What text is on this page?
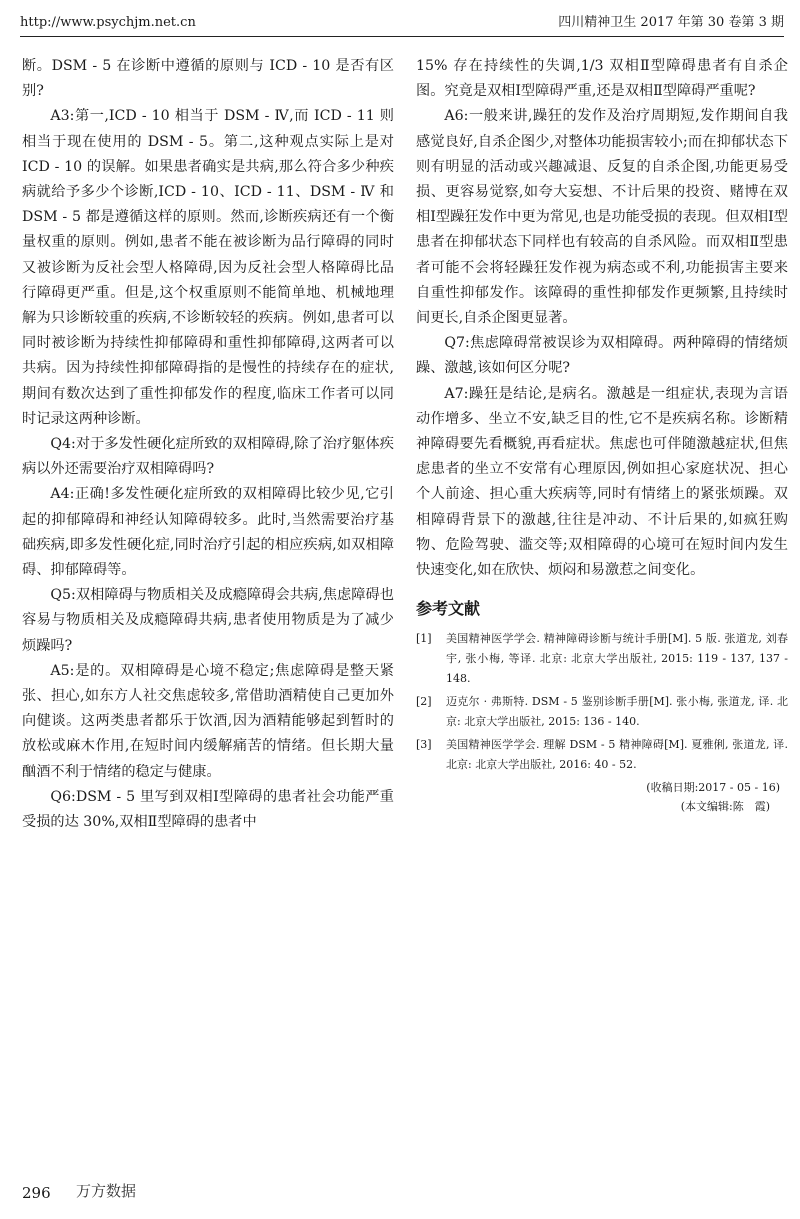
http://www.psychjm.net.cn	四川精神卫生 2017 年第 30 卷第 3 期

断。DSM - 5 在诊断中遵循的原则与 ICD - 10 是否有区别?

A3:第一,ICD - 10 相当于 DSM - Ⅳ,而 ICD - 11 则相当于现在使用的 DSM - 5。第二,这种观点实际上是对 ICD - 10 的误解。如果患者确实是共病,那么符合多少种疾病就给予多少个诊断,ICD - 10、ICD - 11、DSM - Ⅳ 和 DSM - 5 都是遵循这样的原则。然而,诊断疾病还有一个衡量权重的原则。例如,患者不能在被诊断为品行障碍的同时又被诊断为反社会型人格障碍,因为反社会型人格障碍比品行障碍更严重。但是,这个权重原则不能简单地、机械地理解为只诊断较重的疾病,不诊断较轻的疾病。例如,患者可以同时被诊断为持续性抑郁障碍和重性抑郁障碍,这两者可以共病。因为持续性抑郁障碍指的是慢性的持续存在的症状,期间有数次达到了重性抑郁发作的程度,临床工作者可以同时记录这两种诊断。

Q4:对于多发性硬化症所致的双相障碍,除了治疗躯体疾病以外还需要治疗双相障碍吗?

A4:正确!多发性硬化症所致的双相障碍比较少见,它引起的抑郁障碍和神经认知障碍较多。此时,当然需要治疗基础疾病,即多发性硬化症,同时治疗引起的相应疾病,如双相障碍、抑郁障碍等。

Q5:双相障碍与物质相关及成瘾障碍会共病,焦虑障碍也容易与物质相关及成瘾障碍共病,患者使用物质是为了减少烦躁吗?

A5:是的。双相障碍是心境不稳定;焦虑障碍是整天紧张、担心,如东方人社交焦虑较多,常借助酒精使自己更加外向健谈。这两类患者都乐于饮酒,因为酒精能够起到暂时的放松或麻木作用,在短时间内缓解痛苦的情绪。但长期大量酗酒不利于情绪的稳定与健康。

Q6:DSM - 5 里写到双相Ⅰ型障碍的患者社会功能严重受损的达 30%,双相Ⅱ型障碍的患者中

15% 存在持续性的失调,1/3 双相Ⅱ型障碍患者有自杀企图。究竟是双相Ⅰ型障碍严重,还是双相Ⅱ型障碍严重呢?

A6:一般来讲,躁狂的发作及治疗周期短,发作期间自我感觉良好,自杀企图少,对整体功能损害较小;而在抑郁状态下则有明显的活动或兴趣减退、反复的自杀企图,功能更易受损、更容易觉察,如夸大妄想、不计后果的投资、赌博在双相Ⅰ型躁狂发作中更为常见,也是功能受损的表现。但双相Ⅰ型患者在抑郁状态下同样也有较高的自杀风险。而双相Ⅱ型患者可能不会将轻躁狂发作视为病态或不利,功能损害主要来自重性抑郁发作。该障碍的重性抑郁发作更频繁,且持续时间更长,自杀企图更显著。

Q7:焦虑障碍常被误诊为双相障碍。两种障碍的情绪烦躁、激越,该如何区分呢?

A7:躁狂是结论,是病名。激越是一组症状,表现为言语动作增多、坐立不安,缺乏目的性,它不是疾病名称。诊断精神障碍要先看概貌,再看症状。焦虑也可伴随激越症状,但焦虑患者的坐立不安常有心理原因,例如担心家庭状况、担心个人前途、担心重大疾病等,同时有情绪上的紧张烦躁。双相障碍背景下的激越,往往是冲动、不计后果的,如疯狂购物、危险驾驶、滥交等;双相障碍的心境可在短时间内发生快速变化,如在欣快、烦闷和易激惹之间变化。

参考文献
[1]	美国精神医学学会. 精神障碍诊断与统计手册[M]. 5 版. 张道龙, 刘春宇, 张小梅, 等译. 北京: 北京大学出版社, 2015: 119 - 137, 137 - 148.
[2]	迈克尔 · 弗斯特. DSM - 5 鉴别诊断手册[M]. 张小梅, 张道龙, 译. 北京: 北京大学出版社, 2015: 136 - 140.
[3]	美国精神医学学会. 理解 DSM - 5 精神障碍[M]. 夏雅俐, 张道龙, 译. 北京: 北京大学出版社, 2016: 40 - 52.
(收稿日期:2017 - 05 - 16)
(本文编辑:陈　霞)
296 万方数据
